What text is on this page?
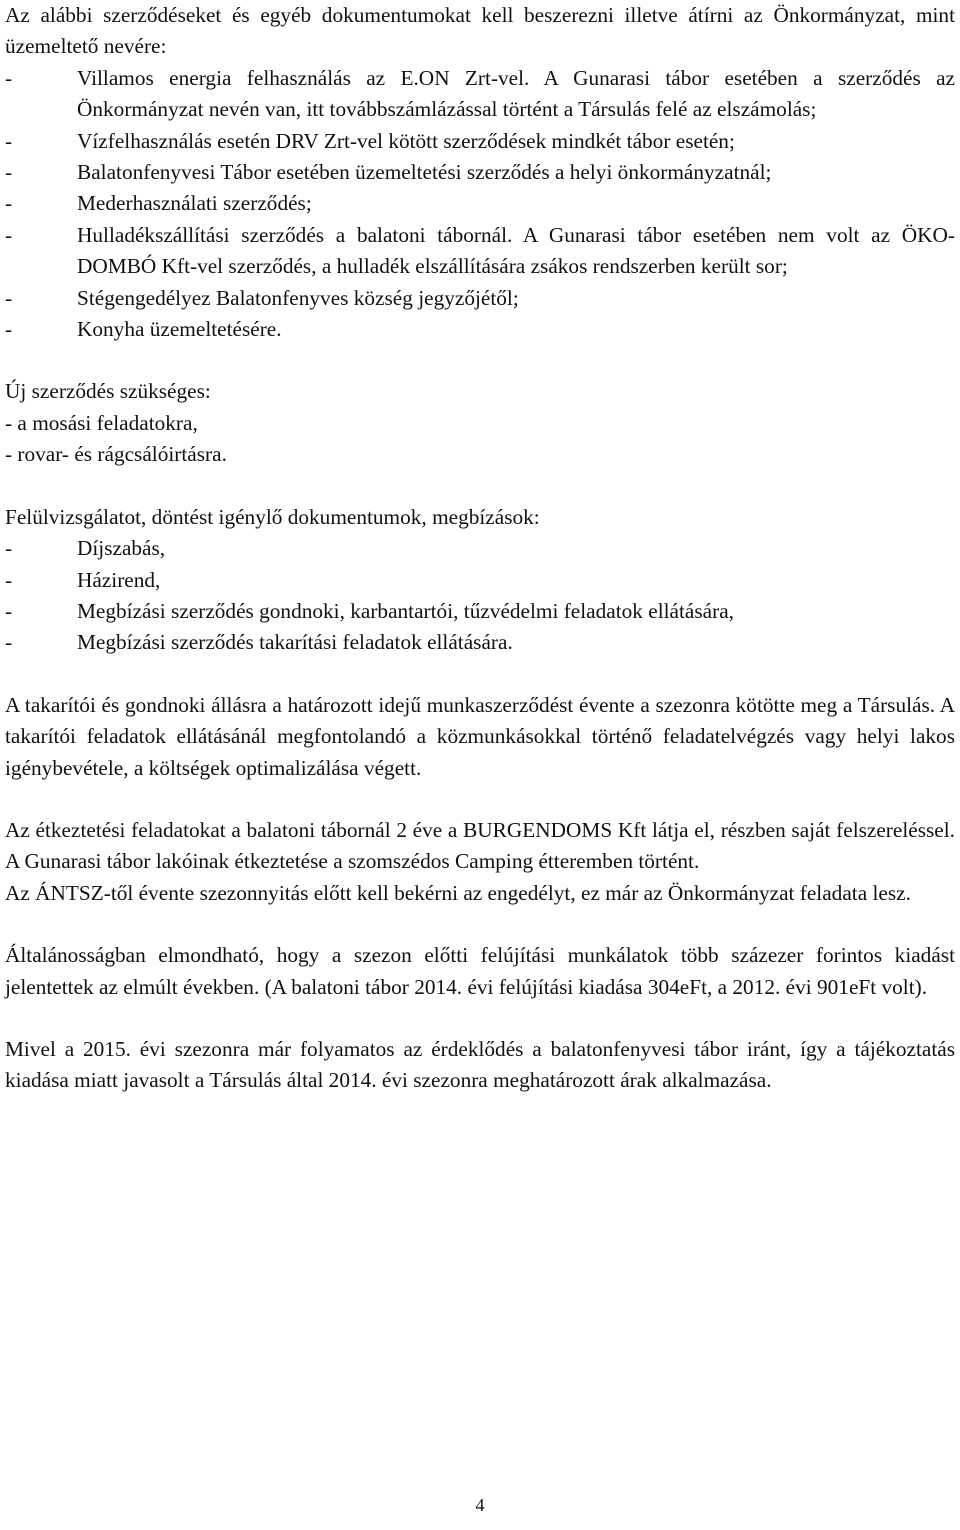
Az alábbi szerződéseket és egyéb dokumentumokat kell beszerezni illetve átírni az Önkormányzat, mint üzemeltető nevére:

-	Villamos energia felhasználás az E.ON Zrt-vel. A Gunarasi tábor esetében a szerződés az Önkormányzat nevén van, itt továbbszámlázással történt a Társulás felé az elszámolás;
-	Vízfelhasználás esetén DRV Zrt-vel kötött szerződések mindkét tábor esetén;
-	Balatonfenyvesi Tábor esetében üzemeltetési szerződés a helyi önkormányzatnál;
-	Mederhasználati szerződés;
-	Hulladékszállítási szerződés a balatoni tábornál. A Gunarasi tábor esetében nem volt az ÖKO-DOMBÓ Kft-vel szerződés, a hulladék elszállítására zsákos rendszerben került sor;
-	Stégengedélyez Balatonfenyves község jegyzőjétől;
-	Konyha üzemeltetésére.

Új szerződés szükséges:

- a mosási feladatokra,

- rovar- és rágcsálóirtásra.

Felülvizsgálatot, döntést igénylő dokumentumok, megbízások:

-	Díjszabás,
-	Házirend,
-	Megbízási szerződés gondnoki, karbantartói, tűzvédelmi feladatok ellátására,
-	Megbízási szerződés takarítási feladatok ellátására.

A takarítói és gondnoki állásra a határozott idejű munkaszerződést évente a szezonra kötötte meg a Társulás. A takarítói feladatok ellátásánál megfontolandó a közmunkásokkal történő feladatelvégzés vagy helyi lakos igénybevétele, a költségek optimalizálása végett.

Az étkeztetési feladatokat a balatoni tábornál 2 éve a BURGENDOMS Kft látja el, részben saját felszereléssel. A Gunarasi tábor lakóinak étkeztetése a szomszédos Camping étteremben történt.

Az ÁNTSZ-től évente szezonnyitás előtt kell bekérni az engedélyt, ez már az Önkormányzat feladata lesz.

Általánosságban elmondható, hogy a szezon előtti felújítási munkálatok több százezer forintos kiadást jelentettek az elmúlt években. (A balatoni tábor 2014. évi felújítási kiadása 304eFt, a 2012. évi 901eFt volt).

Mivel a 2015. évi szezonra már folyamatos az érdeklődés a balatonfenyvesi tábor iránt, így a tájékoztatás kiadása miatt javasolt a Társulás által 2014. évi szezonra meghatározott árak alkalmazása.

4
